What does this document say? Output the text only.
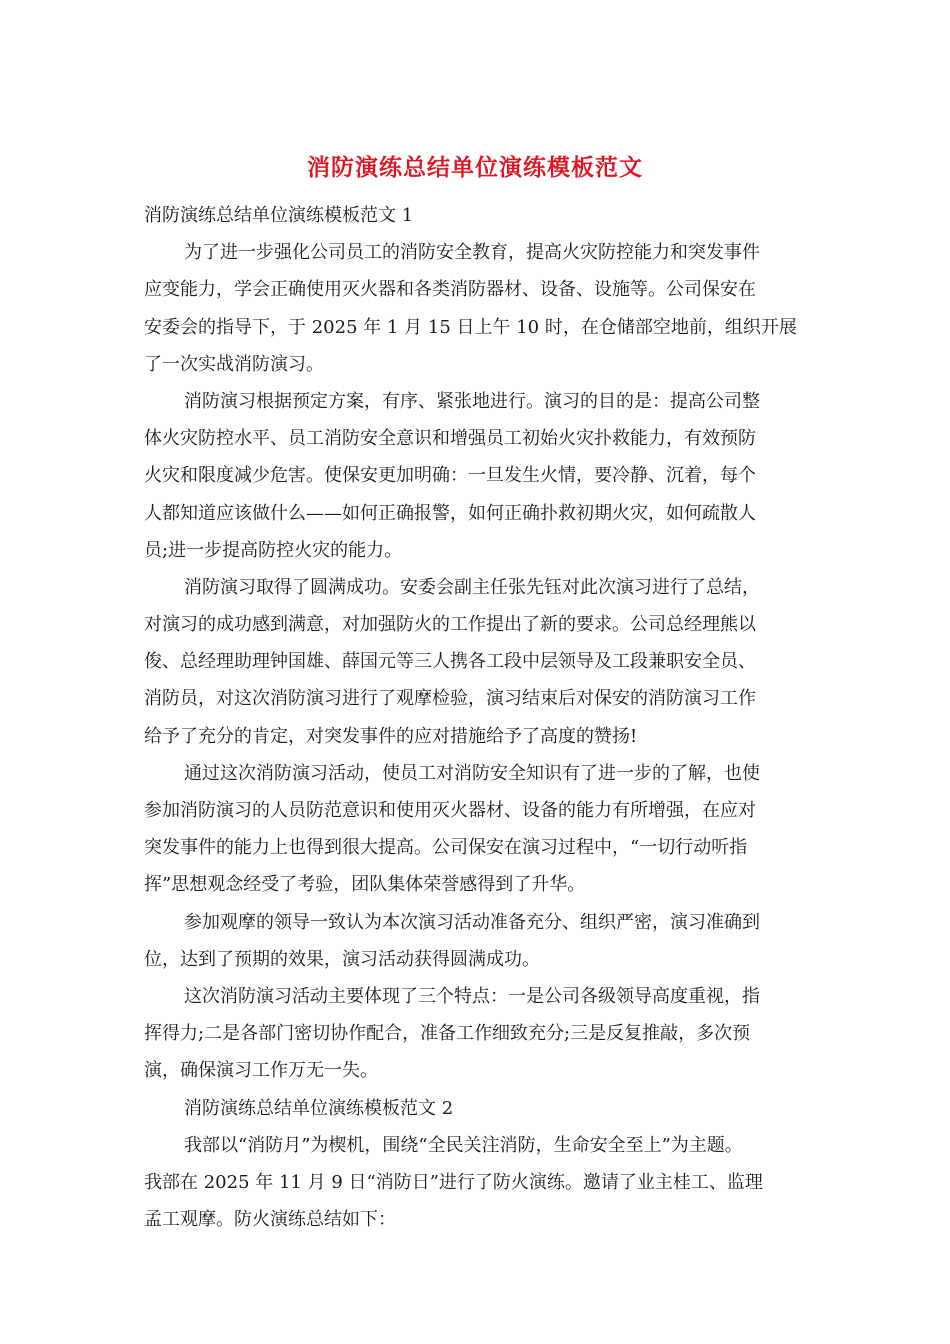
消防演练总结单位演练模板范文
消防演练总结单位演练模板范文 1
为了进一步强化公司员工的消防安全教育，提高火灾防控能力和突发事件
应变能力，学会正确使用灭火器和各类消防器材、设备、设施等。公司保安在
安委会的指导下，于 2025 年 1 月 15 日上午 10 时，在仓储部空地前，组织开展
了一次实战消防演习。
消防演习根据预定方案，有序、紧张地进行。演习的目的是：提高公司整
体火灾防控水平、员工消防安全意识和增强员工初始火灾扑救能力，有效预防
火灾和限度减少危害。使保安更加明确：一旦发生火情，要冷静、沉着，每个
人都知道应该做什么——如何正确报警，如何正确扑救初期火灾，如何疏散人
员;进一步提高防控火灾的能力。
消防演习取得了圆满成功。安委会副主任张先钰对此次演习进行了总结，
对演习的成功感到满意，对加强防火的工作提出了新的要求。公司总经理熊以
俊、总经理助理钟国雄、薛国元等三人携各工段中层领导及工段兼职安全员、
消防员，对这次消防演习进行了观摩检验，演习结束后对保安的消防演习工作
给予了充分的肯定，对突发事件的应对措施给予了高度的赞扬!
通过这次消防演习活动，使员工对消防安全知识有了进一步的了解，也使
参加消防演习的人员防范意识和使用灭火器材、设备的能力有所增强，在应对
突发事件的能力上也得到很大提高。公司保安在演习过程中，“一切行动听指
挥”思想观念经受了考验，团队集体荣誉感得到了升华。
参加观摩的领导一致认为本次演习活动准备充分、组织严密，演习准确到
位，达到了预期的效果，演习活动获得圆满成功。
这次消防演习活动主要体现了三个特点：一是公司各级领导高度重视，指
挥得力;二是各部门密切协作配合，准备工作细致充分;三是反复推敲，多次预
演，确保演习工作万无一失。
消防演练总结单位演练模板范文 2
我部以“消防月”为楔机，围绕“全民关注消防，生命安全至上”为主题。
我部在 2025 年 11 月 9 日“消防日”进行了防火演练。邀请了业主桂工、监理
孟工观摩。防火演练总结如下：
